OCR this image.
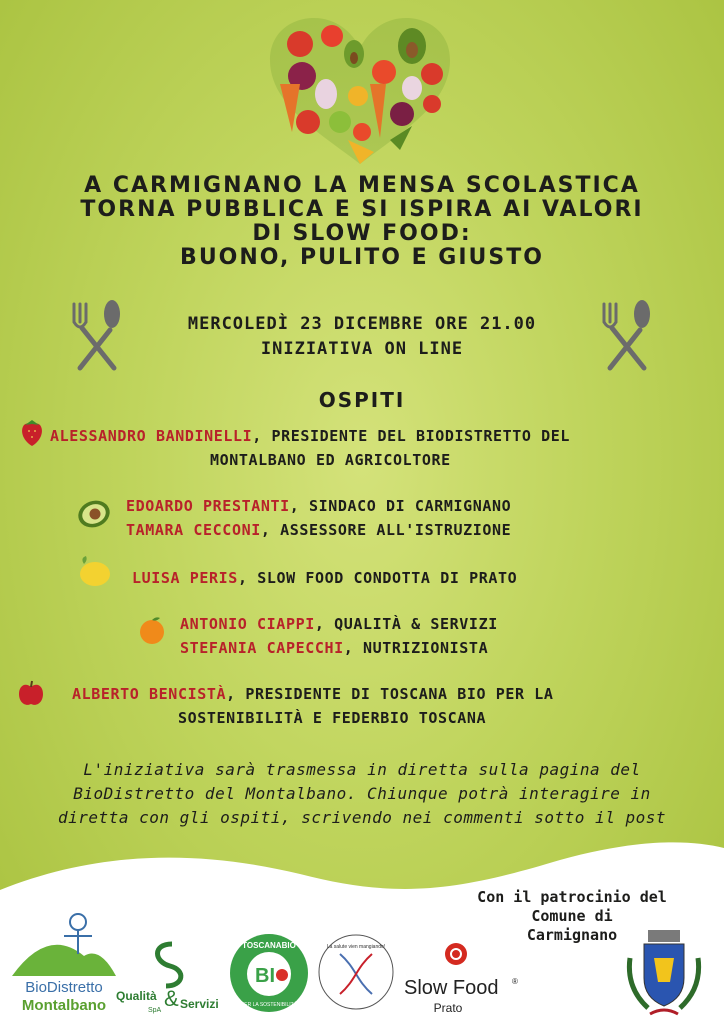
A CARMIGNANO LA MENSA SCOLASTICA
TORNA PUBBLICA E SI ISPIRA AI VALORI
DI SLOW FOOD:
BUONO, PULITO E GIUSTO
MERCOLEDÌ 23 DICEMBRE ORE 21.00
INIZIATIVA ON LINE
OSPITI
ALESSANDRO BANDINELLI, PRESIDENTE DEL BIODISTRETTO DEL
MONTALBANO ED AGRICOLTORE
EDOARDO PRESTANTI, SINDACO DI CARMIGNANO
TAMARA CECCONI, ASSESSORE ALL'ISTRUZIONE
LUISA PERIS, SLOW FOOD CONDOTTA DI PRATO
ANTONIO CIAPPI, QUALITÀ & SERVIZI
STEFANIA CAPECCHI, NUTRIZIONISTA
ALBERTO BENCISTÀ, PRESIDENTE DI TOSCANA BIO PER LA
SOSTENIBILITÀ E FEDERBIO TOSCANA
L'iniziativa sarà trasmessa in diretta sulla pagina del
BioDistretto del Montalbano. Chiunque potrà interagire in
diretta con gli ospiti, scrivendo nei commenti sotto il post
Con il patrocinio del
Comune di
Carmignano
BioDistretto
Montalbano
Qualità & Servizi
SpA
TOSCANABIO
BI
PER LA SOSTENIBILITÀ
La salute vien mangiando!
Slow Food ®
Prato
